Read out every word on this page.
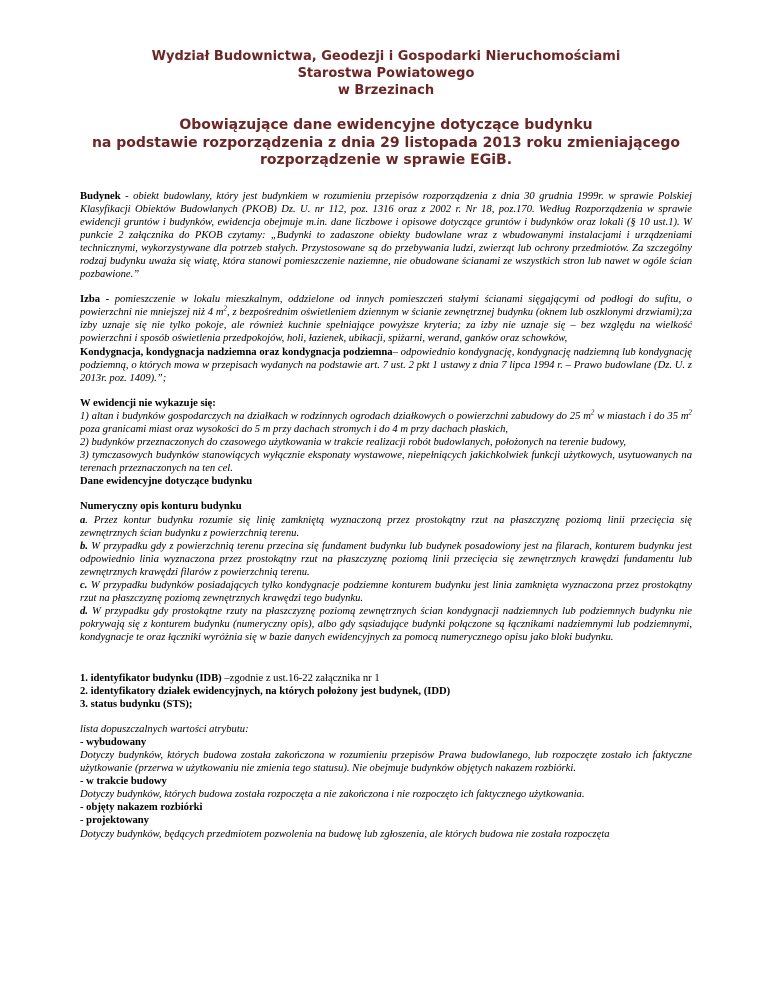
Wydział Budownictwa, Geodezji i Gospodarki Nieruchomościami
Starostwa Powiatowego
w Brzezinach
Obowiązujące dane ewidencyjne dotyczące budynku
na podstawie rozporządzenia z dnia 29 listopada 2013 roku zmieniającego
rozporządzenie w sprawie EGiB.

Budynek - obiekt budowlany, który jest budynkiem w rozumieniu przepisów rozporządzenia z dnia 30 grudnia 1999r. w sprawie Polskiej Klasyfikacji Obiektów Budowlanych (PKOB) Dz. U. nr 112, poz. 1316 oraz z 2002 r. Nr 18, poz.170. Według Rozporządzenia w sprawie ewidencji gruntów i budynków, ewidencja obejmuje m.in. dane liczbowe i opisowe dotyczące gruntów i budynków oraz lokali (§ 10 ust.1). W punkcie 2 załącznika do PKOB czytamy: „Budynki to zadaszone obiekty budowlane wraz z wbudowanymi instalacjami i urządzeniami technicznymi, wykorzystywane dla potrzeb stałych. Przystosowane są do przebywania ludzi, zwierząt lub ochrony przedmiotów. Za szczególny rodzaj budynku uważa się wiatę, która stanowi pomieszczenie naziemne, nie obudowane ścianami ze wszystkich stron lub nawet w ogóle ścian pozbawione.”

Izba - pomieszczenie w lokalu mieszkalnym, oddzielone od innych pomieszczeń stałymi ścianami sięgającymi od podłogi do sufitu, o powierzchni nie mniejszej niż 4 $m^2$, z bezpośrednim oświetleniem dziennym w ścianie zewnętrznej budynku (oknem lub oszklonymi drzwiami);za izby uznaje się nie tylko pokoje, ale również kuchnie spełniające powyższe kryteria; za izby nie uznaje się – bez względu na wielkość powierzchni i sposób oświetlenia przedpokojów, holi, łazienek, ubikacji, spiżarni, werand, ganków oraz schowków,

Kondygnacja, kondygnacja nadziemna oraz kondygnacja podziemna– odpowiednio kondygnację, kondygnację nadziemną lub kondygnację podziemną, o których mowa w przepisach wydanych na podstawie art. 7 ust. 2 pkt 1 ustawy z dnia 7 lipca 1994 r. – Prawo budowlane (Dz. U. z 2013r. poz. 1409).”;

W ewidencji nie wykazuje się:

1) altan i budynków gospodarczych na działkach w rodzinnych ogrodach działkowych o powierzchni zabudowy do 25 $m^2$ w miastach i do 35 $m^2$ poza granicami miast oraz wysokości do 5 m przy dachach stromych i do 4 m przy dachach płaskich,

2) budynków przeznaczonych do czasowego użytkowania w trakcie realizacji robót budowlanych, położonych na terenie budowy,

3) tymczasowych budynków stanowiących wyłącznie eksponaty wystawowe, niepełniących jakichkolwiek funkcji użytkowych, usytuowanych na terenach przeznaczonych na ten cel.

Dane ewidencyjne dotyczące budynku

Numeryczny opis konturu budynku

a. Przez kontur budynku rozumie się linię zamkniętą wyznaczoną przez prostokątny rzut na płaszczyznę poziomą linii przecięcia się zewnętrznych ścian budynku z powierzchnią terenu.

b. W przypadku gdy z powierzchnią terenu przecina się fundament budynku lub budynek posadowiony jest na filarach, konturem budynku jest odpowiednio linia wyznaczona przez prostokątny rzut na płaszczyznę poziomą linii przecięcia się zewnętrznych krawędzi fundamentu lub zewnętrznych krawędzi filarów z powierzchnią terenu.

c. W przypadku budynków posiadających tylko kondygnacje podziemne konturem budynku jest linia zamknięta wyznaczona przez prostokątny rzut na płaszczyznę poziomą zewnętrznych krawędzi tego budynku.

d. W przypadku gdy prostokątne rzuty na płaszczyznę poziomą zewnętrznych ścian kondygnacji nadziemnych lub podziemnych budynku nie pokrywają się z konturem budynku (numeryczny opis), albo gdy sąsiadujące budynki połączone są łącznikami nadziemnymi lub podziemnymi, kondygnacje te oraz łączniki wyróżnia się w bazie danych ewidencyjnych za pomocą numerycznego opisu jako bloki budynku.

1. identyfikator budynku (IDB) –zgodnie z ust.16-22 załącznika nr 1

2. identyfikatory działek ewidencyjnych, na których położony jest budynek, (IDD)

3. status budynku (STS);

lista dopuszczalnych wartości atrybutu:

- wybudowany

Dotyczy budynków, których budowa została zakończona w rozumieniu przepisów Prawa budowlanego, lub rozpoczęte zostało ich faktyczne użytkowanie (przerwa w użytkowaniu nie zmienia tego statusu). Nie obejmuje budynków objętych nakazem rozbiórki.

- w trakcie budowy

Dotyczy budynków, których budowa została rozpoczęta a nie zakończona i nie rozpoczęto ich faktycznego użytkowania.

- objęty nakazem rozbiórki

- projektowany

Dotyczy budynków, będących przedmiotem pozwolenia na budowę lub zgłoszenia, ale których budowa nie została rozpoczęta
